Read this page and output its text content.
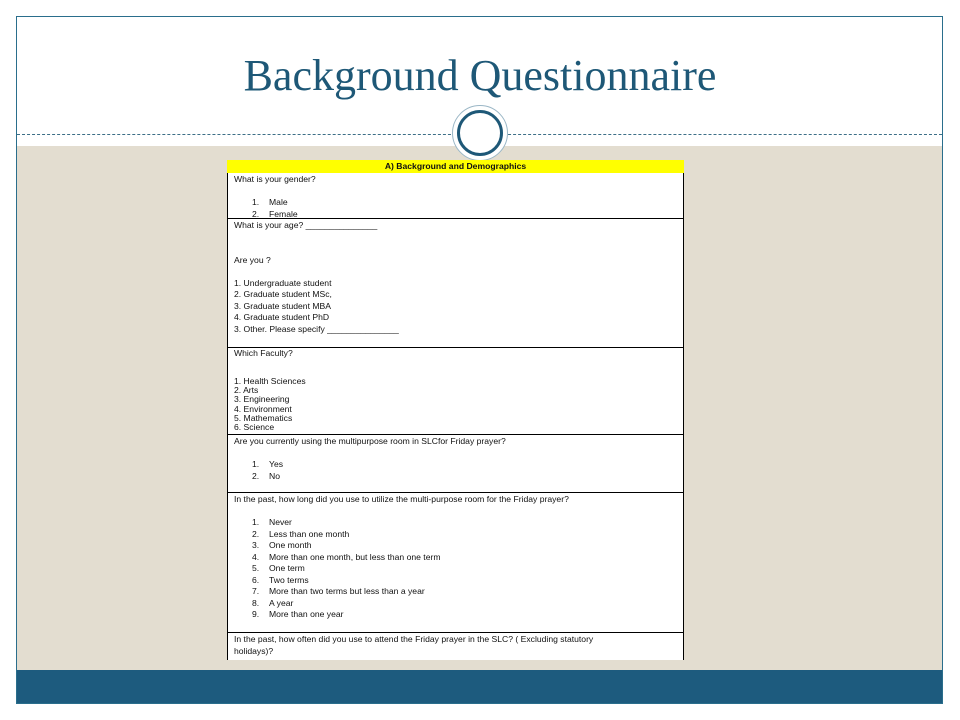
Background Questionnaire
A) Background and Demographics
What is your gender?
1. Male
2. Female
What is your age? _______________
Are you ?
1. Undergraduate student
2. Graduate student MSc,
3. Graduate student MBA
4. Graduate student PhD
3. Other. Please specify _______________
Which Faculty?
1. Health Sciences
2. Arts
3. Engineering
4. Environment
5. Mathematics
6. Science
Are you currently using the multipurpose room in SLCfor Friday prayer?
1. Yes
2. No
In the past, how long did you use to utilize the multi-purpose room for the Friday prayer?
1. Never
2. Less than one month
3. One month
4. More than one month, but less than one term
5. One term
6. Two terms
7. More than two terms but less than a year
8. A year
9. More than one year
In the past, how often did you use to attend the Friday prayer in the SLC? ( Excluding statutory
holidays)?
